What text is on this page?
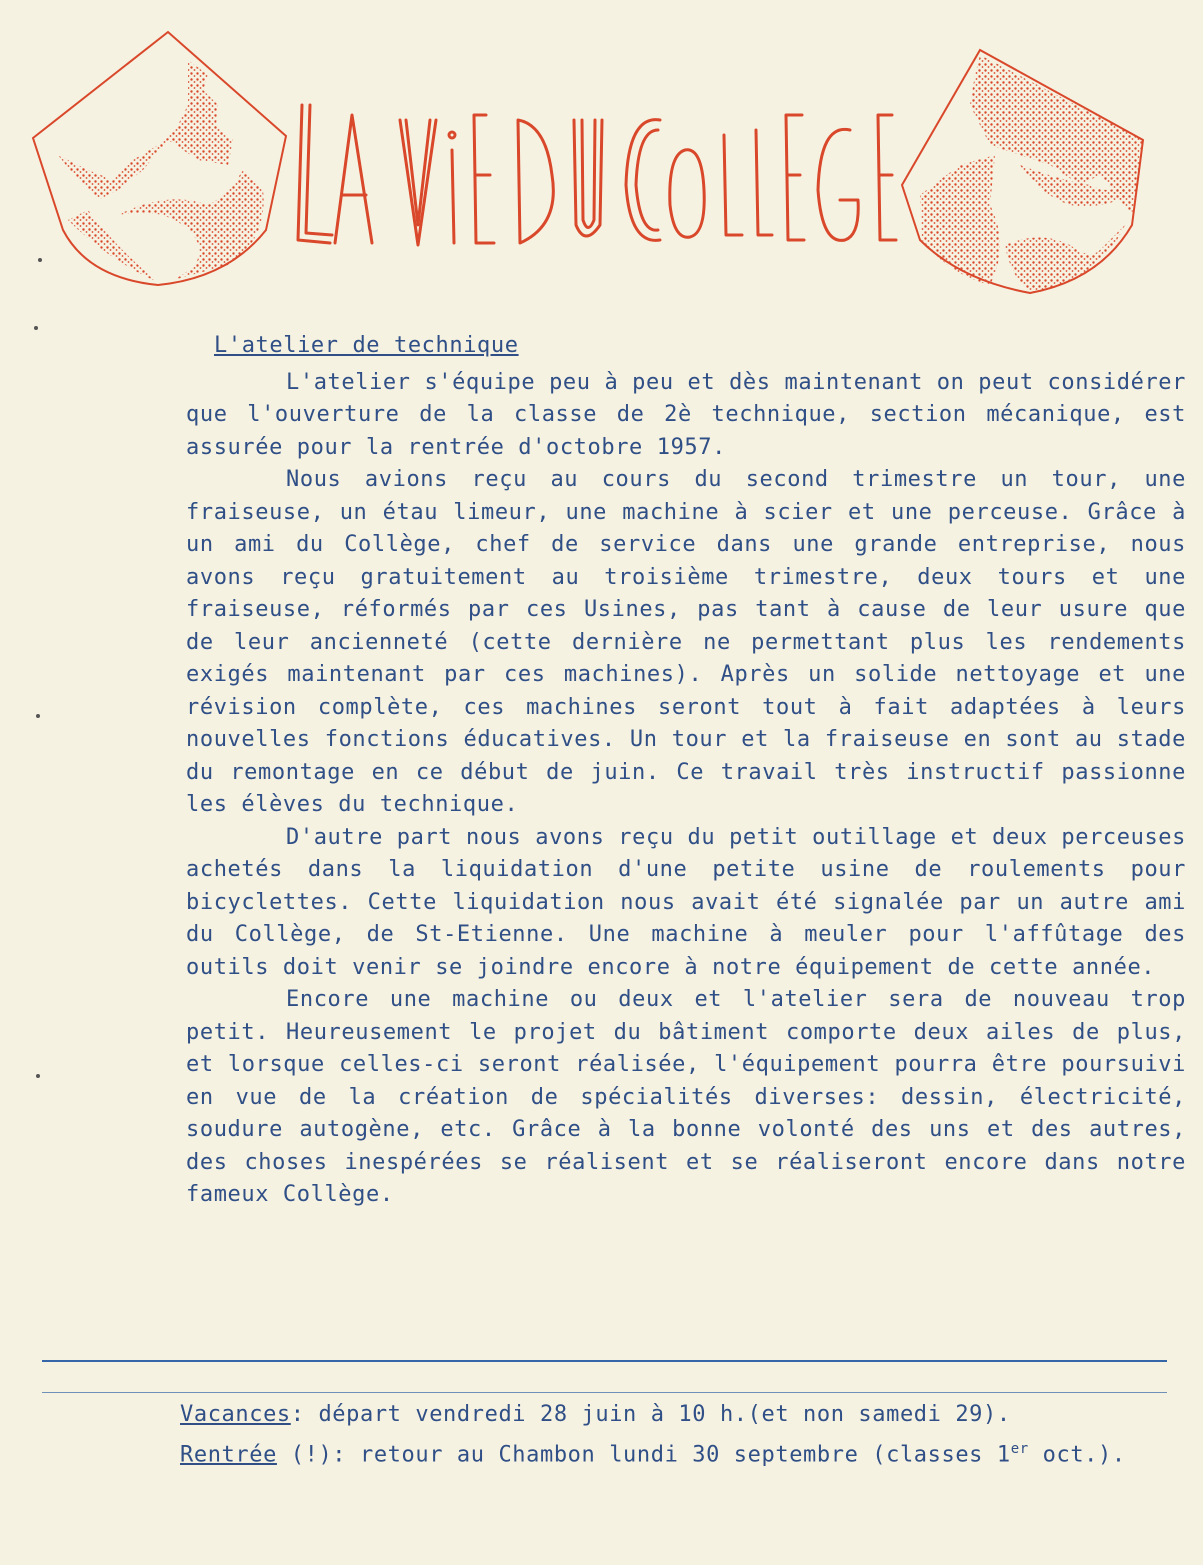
L'atelier de technique

L'atelier s'équipe peu à peu et dès maintenant on peut considérer que l'ouverture de la classe de 2è technique, section mécanique, est assurée pour la rentrée d'octobre 1957.

Nous avions reçu au cours du second trimestre un tour, une fraiseuse, un étau limeur, une machine à scier et une perceuse. Grâce à un ami du Collège, chef de service dans une grande entreprise, nous avons reçu gratuitement au troisième trimestre, deux tours et une fraiseuse, réformés par ces Usines, pas tant à cause de leur usure que de leur ancienneté (cette dernière ne permettant plus les rendements exigés maintenant par ces machines). Après un solide nettoyage et une révision complète, ces machines seront tout à fait adaptées à leurs nouvelles fonctions éducatives. Un tour et la fraiseuse en sont au stade du remontage en ce début de juin. Ce travail très instructif passionne les élèves du technique.

D'autre part nous avons reçu du petit outillage et deux perceuses achetés dans la liquidation d'une petite usine de roulements pour bicyclettes. Cette liquidation nous avait été signalée par un autre ami du Collège, de St-Etienne. Une machine à meuler pour l'affûtage des outils doit venir se joindre encore à notre équipement de cette année.

Encore une machine ou deux et l'atelier sera de nouveau trop petit. Heureusement le projet du bâtiment comporte deux ailes de plus, et lorsque celles-ci seront réalisée, l'équipement pourra être poursuivi en vue de la création de spécialités diverses: dessin, électricité, soudure autogène, etc. Grâce à la bonne volonté des uns et des autres, des choses inespérées se réalisent et se réaliseront encore dans notre fameux Collège.

Vacances: départ vendredi 28 juin à 10 h.(et non samedi 29).
Rentrée (!): retour au Chambon lundi 30 septembre (classes 1er oct.).
